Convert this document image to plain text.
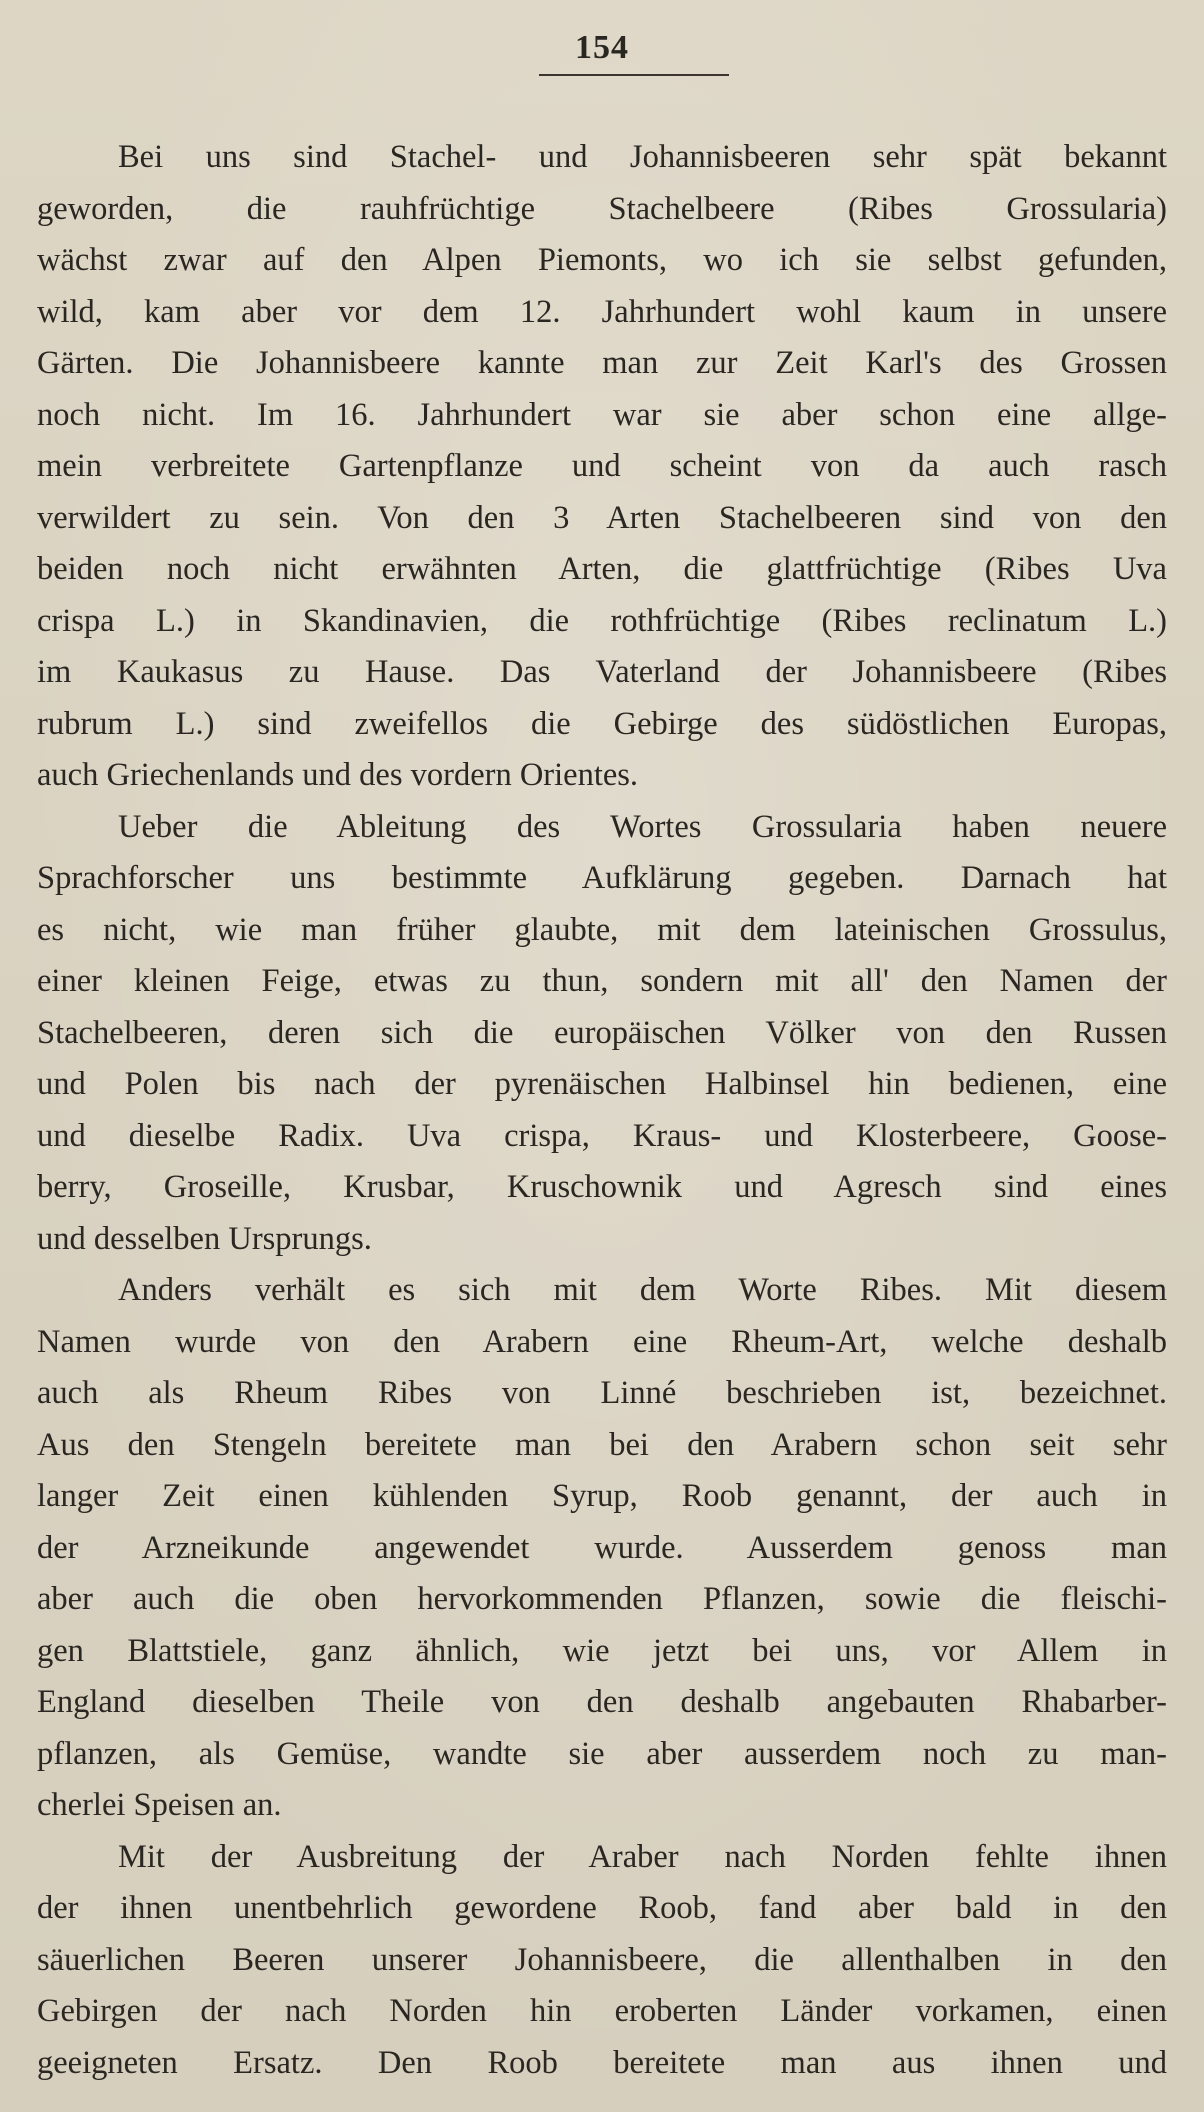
154
Bei uns sind Stachel- und Johannisbeeren sehr spät bekannt
geworden, die rauhfrüchtige Stachelbeere (Ribes Grossularia)
wächst zwar auf den Alpen Piemonts, wo ich sie selbst gefunden,
wild, kam aber vor dem 12. Jahrhundert wohl kaum in unsere
Gärten. Die Johannisbeere kannte man zur Zeit Karl's des Grossen
noch nicht. Im 16. Jahrhundert war sie aber schon eine allge-
mein verbreitete Gartenpflanze und scheint von da auch rasch
verwildert zu sein. Von den 3 Arten Stachelbeeren sind von den
beiden noch nicht erwähnten Arten, die glattfrüchtige (Ribes Uva
crispa L.) in Skandinavien, die rothfrüchtige (Ribes reclinatum L.)
im Kaukasus zu Hause. Das Vaterland der Johannisbeere (Ribes
rubrum L.) sind zweifellos die Gebirge des südöstlichen Europas,
auch Griechenlands und des vordern Orientes.
Ueber die Ableitung des Wortes Grossularia haben neuere
Sprachforscher uns bestimmte Aufklärung gegeben. Darnach hat
es nicht, wie man früher glaubte, mit dem lateinischen Grossulus,
einer kleinen Feige, etwas zu thun, sondern mit all' den Namen der
Stachelbeeren, deren sich die europäischen Völker von den Russen
und Polen bis nach der pyrenäischen Halbinsel hin bedienen, eine
und dieselbe Radix. Uva crispa, Kraus- und Klosterbeere, Goose-
berry, Groseille, Krusbar, Kruschownik und Agresch sind eines
und desselben Ursprungs.
Anders verhält es sich mit dem Worte Ribes. Mit diesem
Namen wurde von den Arabern eine Rheum-Art, welche deshalb
auch als Rheum Ribes von Linné beschrieben ist, bezeichnet.
Aus den Stengeln bereitete man bei den Arabern schon seit sehr
langer Zeit einen kühlenden Syrup, Roob genannt, der auch in
der Arzneikunde angewendet wurde. Ausserdem genoss man
aber auch die oben hervorkommenden Pflanzen, sowie die fleischi-
gen Blattstiele, ganz ähnlich, wie jetzt bei uns, vor Allem in
England dieselben Theile von den deshalb angebauten Rhabarber-
pflanzen, als Gemüse, wandte sie aber ausserdem noch zu man-
cherlei Speisen an.
Mit der Ausbreitung der Araber nach Norden fehlte ihnen
der ihnen unentbehrlich gewordene Roob, fand aber bald in den
säuerlichen Beeren unserer Johannisbeere, die allenthalben in den
Gebirgen der nach Norden hin eroberten Länder vorkamen, einen
geeigneten Ersatz. Den Roob bereitete man aus ihnen und
